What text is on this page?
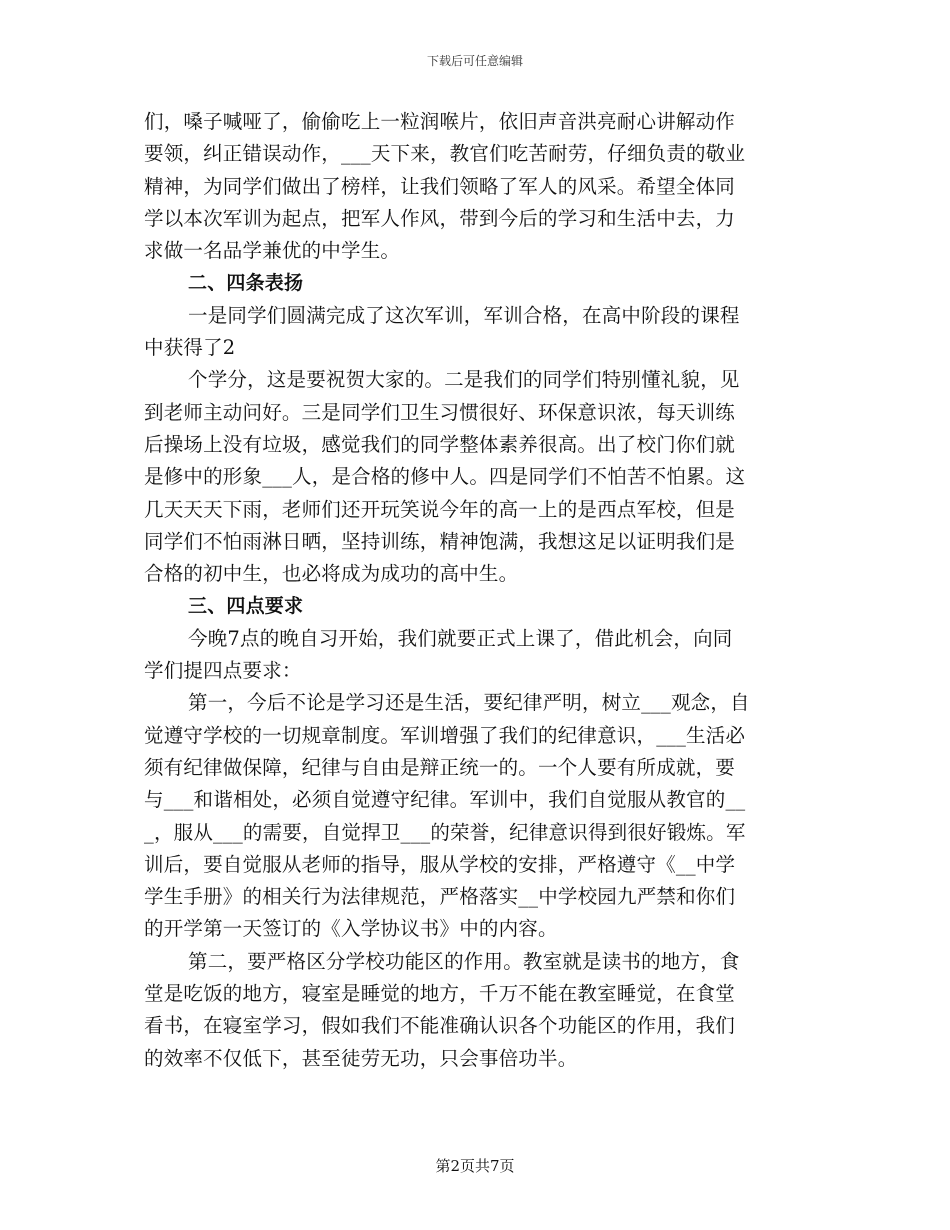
下载后可任意编辑
们，嗓子喊哑了，偷偷吃上一粒润喉片，依旧声音洪亮耐心讲解动作
要领，纠正错误动作，___天下来，教官们吃苦耐劳，仔细负责的敬业
精神，为同学们做出了榜样，让我们领略了军人的风采。希望全体同
学以本次军训为起点，把军人作风，带到今后的学习和生活中去，力
求做一名品学兼优的中学生。
二、四条表扬
一是同学们圆满完成了这次军训，军训合格，在高中阶段的课程
中获得了2
个学分，这是要祝贺大家的。二是我们的同学们特别懂礼貌，见
到老师主动问好。三是同学们卫生习惯很好、环保意识浓，每天训练
后操场上没有垃圾，感觉我们的同学整体素养很高。出了校门你们就
是修中的形象___人，是合格的修中人。四是同学们不怕苦不怕累。这
几天天天下雨，老师们还开玩笑说今年的高一上的是西点军校，但是
同学们不怕雨淋日晒，坚持训练，精神饱满，我想这足以证明我们是
合格的初中生，也必将成为成功的高中生。
三、四点要求
今晚7点的晚自习开始，我们就要正式上课了，借此机会，向同
学们提四点要求：
第一，今后不论是学习还是生活，要纪律严明，树立___观念，自
觉遵守学校的一切规章制度。军训增强了我们的纪律意识，___生活必
须有纪律做保障，纪律与自由是辩正统一的。一个人要有所成就，要
与___和谐相处，必须自觉遵守纪律。军训中，我们自觉服从教官的__
_，服从___的需要，自觉捍卫___的荣誉，纪律意识得到很好锻炼。军
训后，要自觉服从老师的指导，服从学校的安排，严格遵守《__中学
学生手册》的相关行为法律规范，严格落实__中学校园九严禁和你们
的开学第一天签订的《入学协议书》中的内容。
第二，要严格区分学校功能区的作用。教室就是读书的地方，食
堂是吃饭的地方，寝室是睡觉的地方，千万不能在教室睡觉，在食堂
看书，在寝室学习，假如我们不能准确认识各个功能区的作用，我们
的效率不仅低下，甚至徒劳无功，只会事倍功半。
第2页共7页
